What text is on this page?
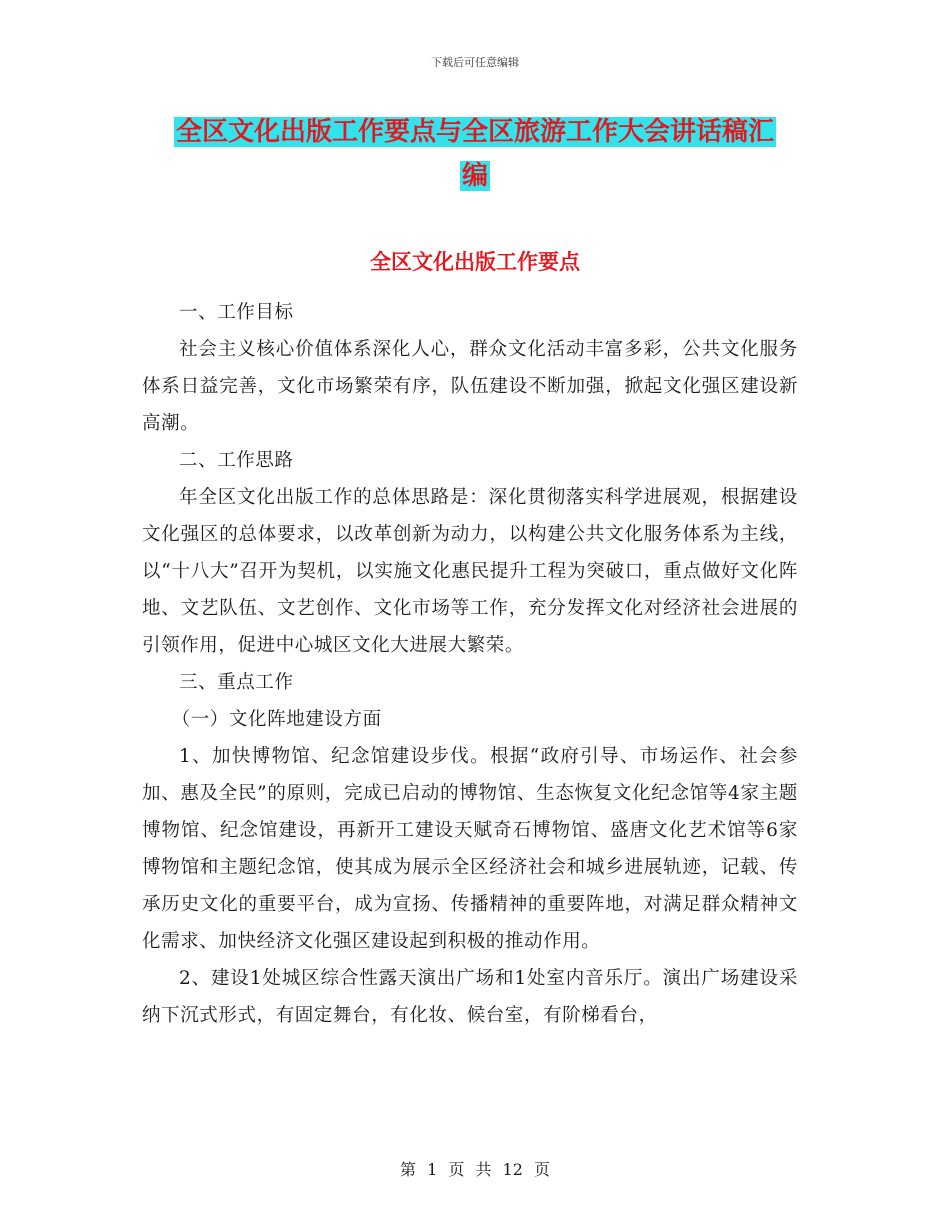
下载后可任意编辑
全区文化出版工作要点与全区旅游工作大会讲话稿汇
编
全区文化出版工作要点

一、工作目标

社会主义核心价值体系深化人心，群众文化活动丰富多彩，公共文化服务体系日益完善，文化市场繁荣有序，队伍建设不断加强，掀起文化强区建设新高潮。

二、工作思路

年全区文化出版工作的总体思路是：深化贯彻落实科学进展观，根据建设文化强区的总体要求，以改革创新为动力，以构建公共文化服务体系为主线，以“十八大”召开为契机，以实施文化惠民提升工程为突破口，重点做好文化阵地、文艺队伍、文艺创作、文化市场等工作，充分发挥文化对经济社会进展的引领作用，促进中心城区文化大进展大繁荣。

三、重点工作

（一）文化阵地建设方面

1、加快博物馆、纪念馆建设步伐。根据“政府引导、市场运作、社会参加、惠及全民”的原则，完成已启动的博物馆、生态恢复文化纪念馆等4家主题博物馆、纪念馆建设，再新开工建设天赋奇石博物馆、盛唐文化艺术馆等6家博物馆和主题纪念馆，使其成为展示全区经济社会和城乡进展轨迹，记载、传承历史文化的重要平台，成为宣扬、传播精神的重要阵地，对满足群众精神文化需求、加快经济文化强区建设起到积极的推动作用。

2、建设1处城区综合性露天演出广场和1处室内音乐厅。演出广场建设采纳下沉式形式，有固定舞台，有化妆、候台室，有阶梯看台，

第 1 页 共 12 页
